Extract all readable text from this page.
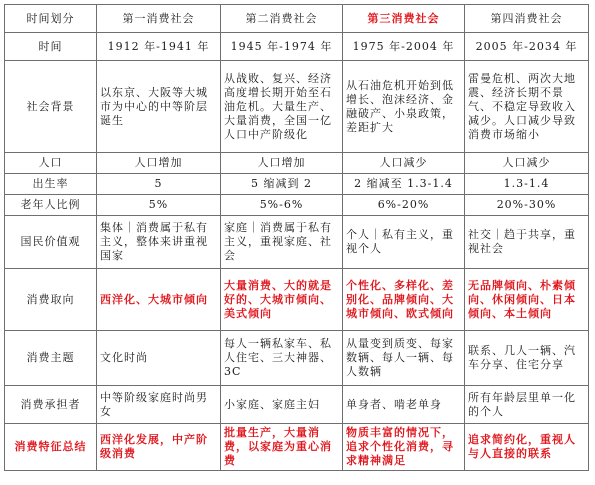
时间划分	第一消费社会	第二消费社会	第三消费社会	第四消费社会
时间	1912 年-1941 年	1945 年-1974 年	1975 年-2004 年	2005 年-2034 年
社会背景	以东京、大阪等大城市为中心的中等阶层诞生	从战败、复兴、经济高度增长期开始至石油危机。大量生产、大量消费，全国一亿人口中产阶级化	从石油危机开始到低增长、泡沫经济、金融破产、小泉政策，差距扩大	雷曼危机、两次大地震、经济长期不景气、不稳定导致收入减少。人口减少导致消费市场缩小
人口	人口增加	人口增加	人口减少	人口减少
出生率	5	5 缩减到 2	2 缩减至 1.3-1.4	1.3-1.4
老年人比例	5%	5%-6%	6%-20%	20%-30%
国民价值观	集体｜消费属于私有主义，整体来讲重视国家	家庭｜消费属于私有主义，重视家庭、社会	个人｜私有主义，重视个人	社交｜趋于共享，重视社会
消费取向	西洋化、大城市倾向	大量消费、大的就是好的、大城市倾向、美式倾向	个性化、多样化、差别化、品牌倾向、大城市倾向、欧式倾向	无品牌倾向、朴素倾向、休闲倾向、日本倾向、本土倾向
消费主题	文化时尚	每人一辆私家车、私人住宅、三大神器、3C	从量变到质变、每家数辆、每人一辆、每人数辆	联系、几人一辆、汽车分享、住宅分享
消费承担者	中等阶级家庭时尚男女	小家庭、家庭主妇	单身者、啃老单身	所有年龄层里单一化的个人
消费特征总结	西洋化发展，中产阶级消费	批量生产，大量消费，以家庭为重心消费	物质丰富的情况下，追求个性化消费，寻求精神满足	追求简约化，重视人与人直接的联系
